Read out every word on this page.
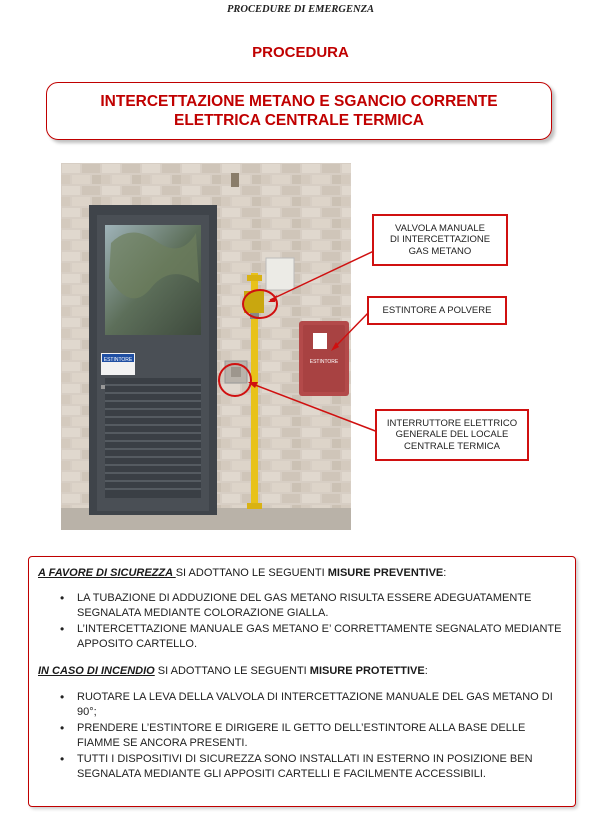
PROCEDURE DI EMERGENZA
PROCEDURA
INTERCETTAZIONE METANO E SGANCIO CORRENTE
ELETTRICA CENTRALE TERMICA
ESTINTORE	ESTINTORE
VALVOLA MANUALE
DI INTERCETTAZIONE
GAS METANO
ESTINTORE A POLVERE
INTERRUTTORE ELETTRICO
GENERALE DEL LOCALE
CENTRALE TERMICA
A FAVORE DI SICUREZZA SI ADOTTANO LE SEGUENTI MISURE PREVENTIVE:
• LA TUBAZIONE DI ADDUZIONE DEL GAS METANO RISULTA ESSERE ADEGUATAMENTE SEGNALATA MEDIANTE COLORAZIONE GIALLA.
• L’INTERCETTAZIONE MANUALE GAS METANO E’ CORRETTAMENTE SEGNALATO MEDIANTE APPOSITO CARTELLO.
IN CASO DI INCENDIO SI ADOTTANO LE SEGUENTI MISURE PROTETTIVE:
• RUOTARE LA LEVA DELLA VALVOLA DI INTERCETTAZIONE MANUALE DEL GAS METANO DI 90°;
• PRENDERE L’ESTINTORE E DIRIGERE IL GETTO DELL’ESTINTORE ALLA BASE DELLE FIAMME SE ANCORA PRESENTI.
• TUTTI I DISPOSITIVI DI SICUREZZA SONO INSTALLATI IN ESTERNO IN POSIZIONE BEN SEGNALATA MEDIANTE GLI APPOSITI CARTELLI E FACILMENTE ACCESSIBILI.
